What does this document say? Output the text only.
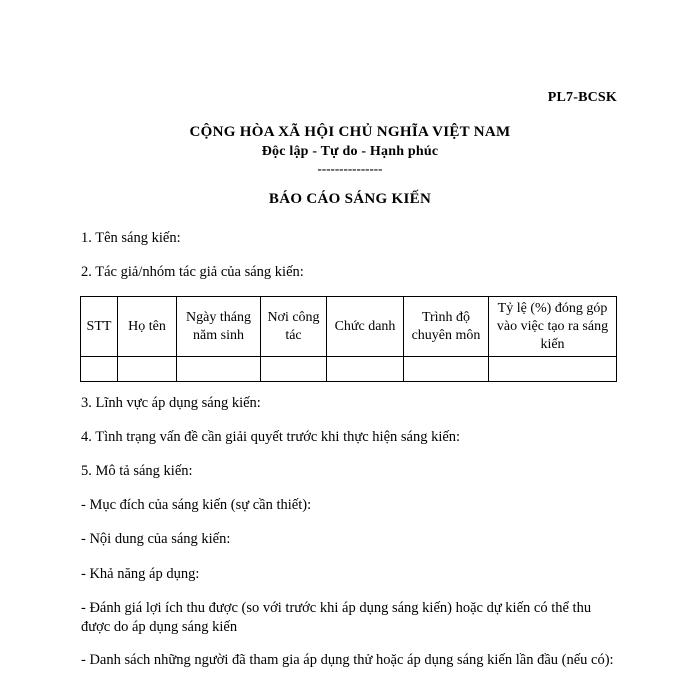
PL7-BCSK
CỘNG HÒA XÃ HỘI CHỦ NGHĨA VIỆT NAM
Độc lập - Tự do - Hạnh phúc
---------------
BÁO CÁO SÁNG KIẾN
1. Tên sáng kiến:
2. Tác giả/nhóm tác giả của sáng kiến:
STT	Họ tên	Ngày tháng năm sinh	Nơi công tác	Chức danh	Trình độ chuyên môn	Tỷ lệ (%) đóng góp vào việc tạo ra sáng kiến

3. Lĩnh vực áp dụng sáng kiến:
4. Tình trạng vấn đề cần giải quyết trước khi thực hiện sáng kiến:
5. Mô tả sáng kiến:
- Mục đích của sáng kiến (sự cần thiết):
- Nội dung của sáng kiến:
- Khả năng áp dụng:
- Đánh giá lợi ích thu được (so với trước khi áp dụng sáng kiến) hoặc dự kiến có thể thu được do áp dụng sáng kiến
- Danh sách những người đã tham gia áp dụng thử hoặc áp dụng sáng kiến lần đầu (nếu có):
